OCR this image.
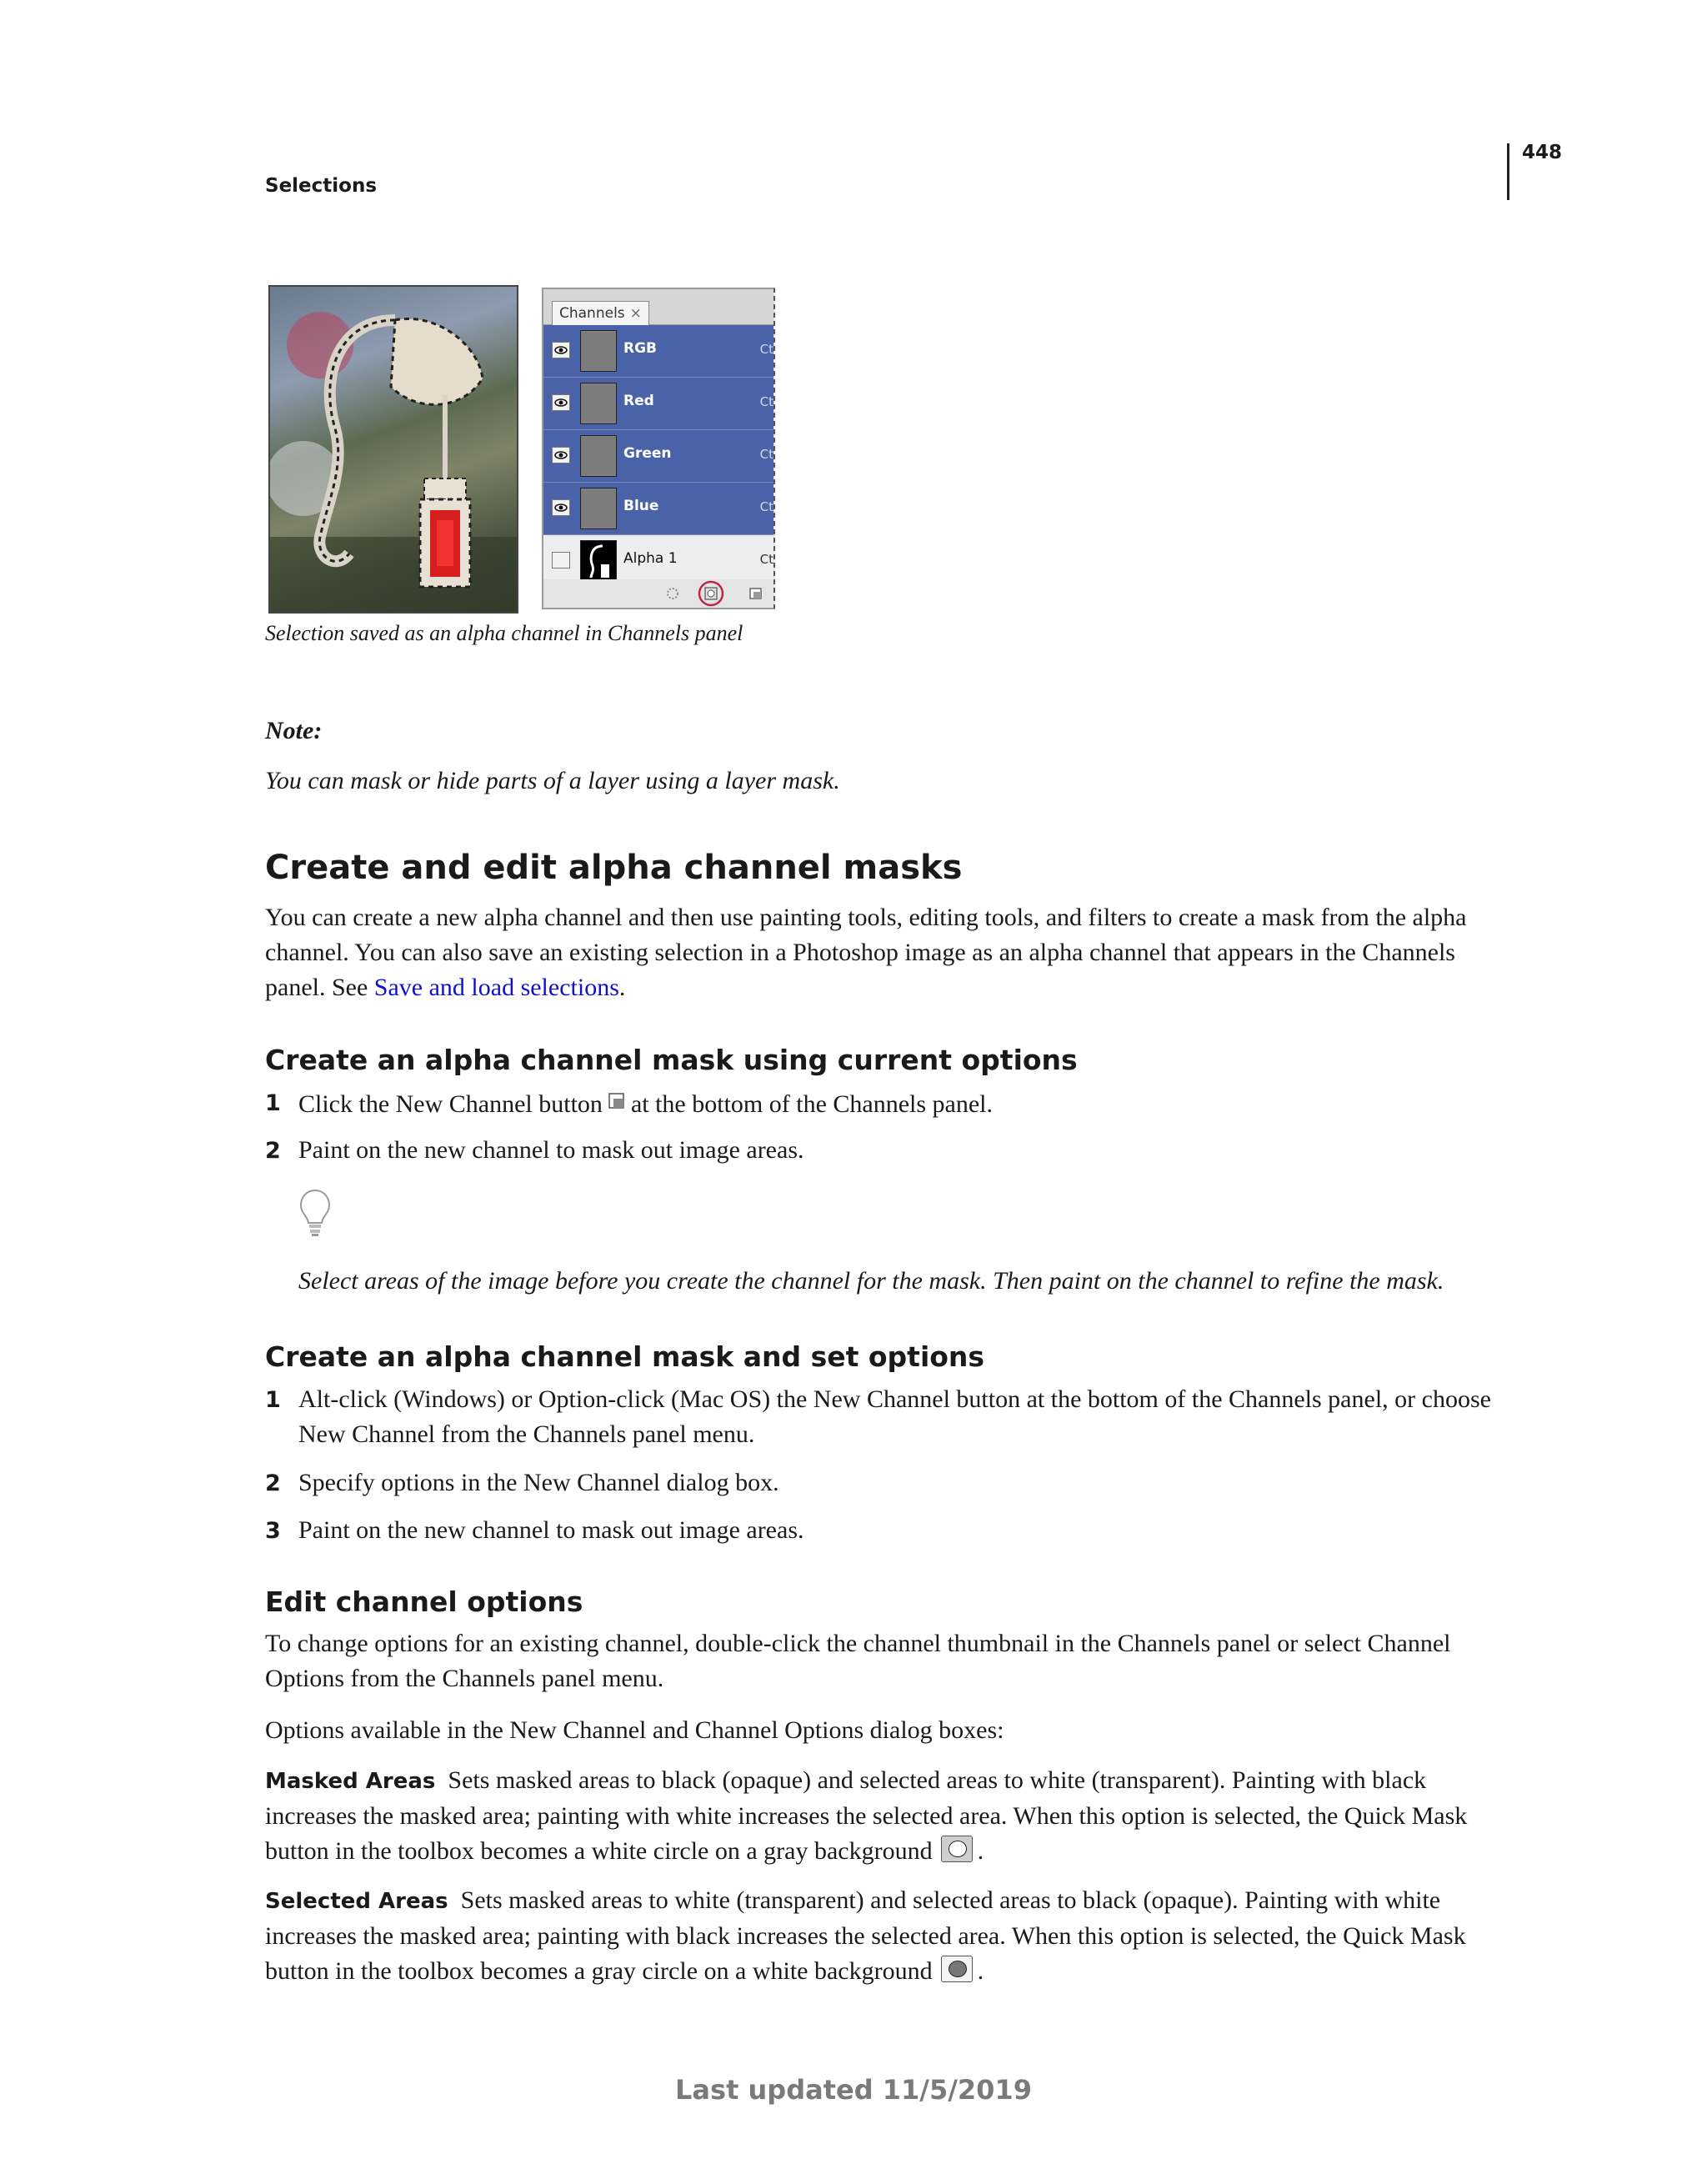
448
Selections
Channels ×
RGB	Ct
Red	Ct
Green	Ct
Blue	Ct
Alpha 1	Ct
Selection saved as an alpha channel in Channels panel
Note:
You can mask or hide parts of a layer using a layer mask.
Create and edit alpha channel masks
You can create a new alpha channel and then use painting tools, editing tools, and filters to create a mask from the alpha channel. You can also save an existing selection in a Photoshop image as an alpha channel that appears in the Channels panel. See Save and load selections.
Create an alpha channel mask using current options
1 Click the New Channel button at the bottom of the Channels panel.
2 Paint on the new channel to mask out image areas.
Select areas of the image before you create the channel for the mask. Then paint on the channel to refine the mask.
Create an alpha channel mask and set options
1 Alt-click (Windows) or Option-click (Mac OS) the New Channel button at the bottom of the Channels panel, or choose New Channel from the Channels panel menu.
2 Specify options in the New Channel dialog box.
3 Paint on the new channel to mask out image areas.
Edit channel options
To change options for an existing channel, double-click the channel thumbnail in the Channels panel or select Channel Options from the Channels panel menu.
Options available in the New Channel and Channel Options dialog boxes:
Masked Areas Sets masked areas to black (opaque) and selected areas to white (transparent). Painting with black increases the masked area; painting with white increases the selected area. When this option is selected, the Quick Mask button in the toolbox becomes a white circle on a gray background .
Selected Areas Sets masked areas to white (transparent) and selected areas to black (opaque). Painting with white increases the masked area; painting with black increases the selected area. When this option is selected, the Quick Mask button in the toolbox becomes a gray circle on a white background .
Last updated 11/5/2019
